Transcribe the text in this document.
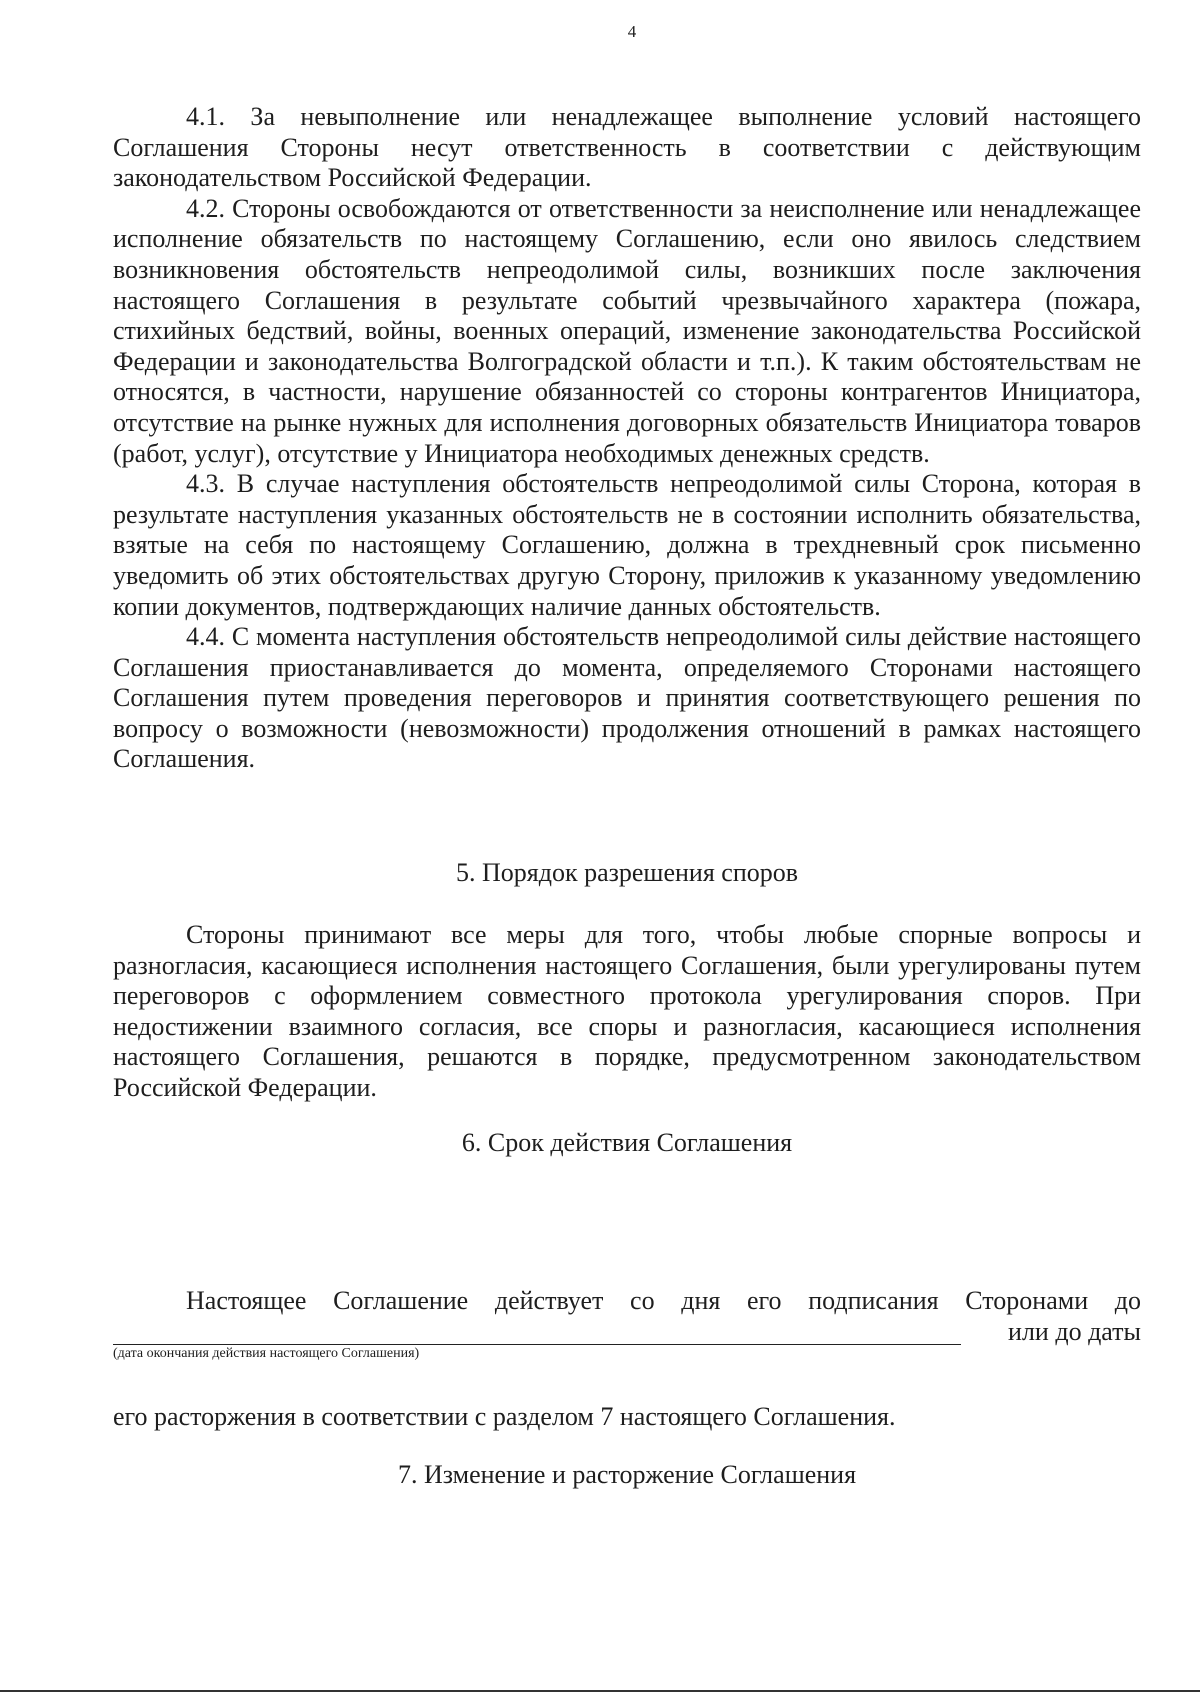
4

4.1. За невыполнение или ненадлежащее выполнение условий настоящего Соглашения Стороны несут ответственность в соответствии с действующим законодательством Российской Федерации.

4.2. Стороны освобождаются от ответственности за неисполнение или ненадлежащее исполнение обязательств по настоящему Соглашению, если оно явилось следствием возникновения обстоятельств непреодолимой силы, возникших после заключения настоящего Соглашения в результате событий чрезвычайного характера (пожара, стихийных бедствий, войны, военных операций, изменение законодательства Российской Федерации и законодательства Волгоградской области и т.п.). К таким обстоятельствам не относятся, в частности, нарушение обязанностей со стороны контрагентов Инициатора, отсутствие на рынке нужных для исполнения договорных обязательств Инициатора товаров (работ, услуг), отсутствие у Инициатора необходимых денежных средств.

4.3. В случае наступления обстоятельств непреодолимой силы Сторона, которая в результате наступления указанных обстоятельств не в состоянии исполнить обязательства, взятые на себя по настоящему Соглашению, должна в трехдневный срок письменно уведомить об этих обстоятельствах другую Сторону, приложив к указанному уведомлению копии документов, подтверждающих наличие данных обстоятельств.

4.4. С момента наступления обстоятельств непреодолимой силы действие настоящего Соглашения приостанавливается до момента, определяемого Сторонами настоящего Соглашения путем проведения переговоров и принятия соответствующего решения по вопросу о возможности (невозможности) продолжения отношений в рамках настоящего Соглашения.

5. Порядок разрешения споров

Стороны принимают все меры для того, чтобы любые спорные вопросы и разногласия, касающиеся исполнения настоящего Соглашения, были урегулированы путем переговоров с оформлением совместного протокола урегулирования споров. При недостижении взаимного согласия, все споры и разногласия, касающиеся исполнения настоящего Соглашения, решаются в порядке, предусмотренном законодательством Российской Федерации.

6. Срок действия Соглашения

Настоящее Соглашение действует со дня его подписания Сторонами до

или до даты
(дата окончания действия настоящего Соглашения)

его расторжения в соответствии с разделом 7 настоящего Соглашения.

7. Изменение и расторжение Соглашения
